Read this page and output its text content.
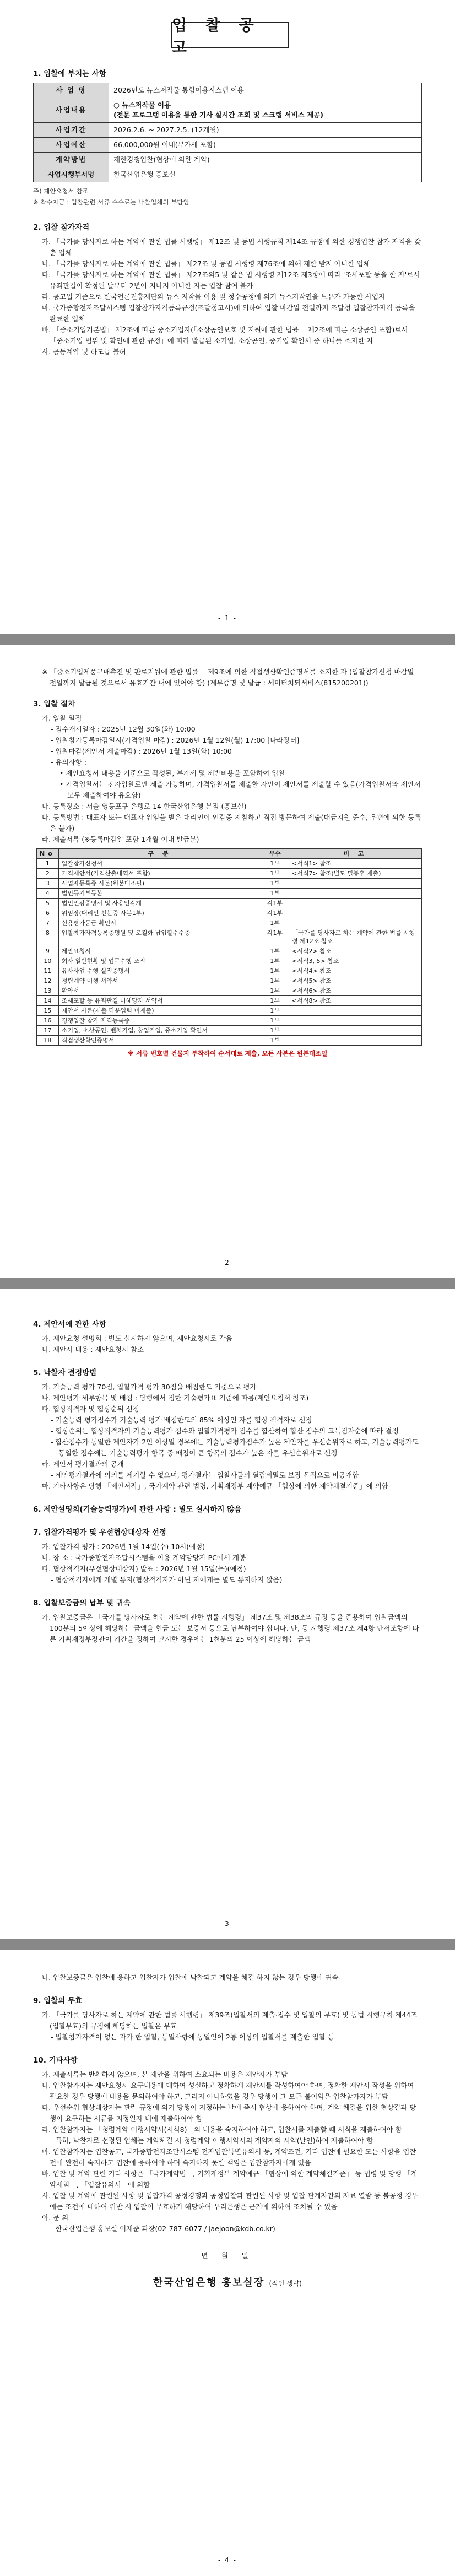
입 찰 공 고
1. 입찰에 부치는 사항
사 업 명	2026년도 뉴스저작물 통합이용시스템 이용
사업내용	○ 뉴스저작물 이용
(전문 프로그램 이용을 통한 기사 실시간 조회 및 스크랩 서비스 제공)
사업기간	2026.2.6. ~ 2027.2.5. (12개월)
사업예산	66,000,000원 이내(부가세 포함)
계약방법	제한경쟁입찰(협상에 의한 계약)
사업시행부서명	한국산업은행 홍보실
주) 제안요청서 참조
※ 착수자금 : 입찰관련 서류 수수료는 낙찰업체의 부담임
2. 입찰 참가자격
가. 「국가를 당사자로 하는 계약에 관한 법률 시행령」 제12조 및 동법 시행규칙 제14조 규정에 의한 경쟁입찰 참가 자격을 갖춘 업체
나. 「국가를 당사자로 하는 계약에 관한 법률」 제27조 및 동법 시행령 제76조에 의해 제한 받지 아니한 업체
다. 「국가를 당사자로 하는 계약에 관한 법률」 제27조의5 및 같은 법 시행령 제12조 제3항에 따라 '조세포탈 등을 한 자'로서 유죄판결이 확정된 날부터 2년이 지나지 아니한 자는 입찰 참여 불가
라. 공고일 기준으로 한국언론진흥재단의 뉴스 저작물 이용 및 정수공정에 의거 뉴스저작권을 보유가 가능한 사업자
마. 국가종합전자조달시스템 입찰참가자격등록규정(조달청고시)에 의하여 입찰 마감일 전일까지 조달청 입찰참가자격 등록을 완료한 업체
바. 「중소기업기본법」 제2조에 따른 중소기업자(「소상공인보호 및 지원에 관한 법률」 제2조에 따른 소상공인 포함)로서 「중소기업 범위 및 확인에 관한 규정」에 따라 발급된 소기업, 소상공인, 중기업 확인서 중 하나를 소지한 자
사. 공동계약 및 하도급 불허
- 1 -
※ 「중소기업제품구매촉진 및 판로지원에 관한 법률」 제9조에 의한 직접생산확인증명서를 소지한 자 (입찰참가신청 마감일 전일까지 발급된 것으로서 유효기간 내에 있어야 함) (제부증명 및 발급 : 세미터치되서비스(815200201))
3. 입찰 절차
가. 입찰 일정
- 접수개시일자 : 2025년 12월 30일(화) 10:00
- 입찰참가등록마감일시(가격입찰 마감) : 2026년 1월 12일(월) 17:00 [나라장터]
- 입찰마감(제안서 제출마감) : 2026년 1월 13일(화) 10:00
- 유의사항 :
• 제안요청서 내용을 기준으로 작성된, 부가세 및 제반비용을 포함하여 입찰
• 가격입찰서는 전자입찰로만 제출 가능하며, 가격입찰서를 제출한 자만이 제안서를 제출할 수 있음(가격입찰서와 제안서 모두 제출하여야 유효함)
나. 등록장소 : 서울 영등포구 은행로 14 한국산업은행 본점 (홍보실)
다. 등록방법 : 대표자 또는 대표자 위임을 받은 대리인이 인감증 지참하고 직접 방문하여 제출(대금지원 준수, 우편에 의한 등록은 불가)
라. 제출서류 (※등록마감일 포함 1개월 이내 발급분)
No	구 분	부수	비 고
1	입찰참가신청서	1부	<서식1> 참조
2	가격제안서(가격산출내역서 포함)	1부	<서식7> 참조(별도 밀봉후 제출)
3	사업자등록증 사본(원본대조필)	1부	
4	법인등기부등본	1부	
5	법인인감증명서 및 사용인감계	각1부	
6	위임장(대리인 선분증 사본1부)	각1부	
7	신용평가등급 확인서	1부	
8	입찰참가자격등록증명원 및 로컬화 납입할수수증	각1부	「국가를 당사자로 하는 계약에 관한 법률 시행령 제12조 참조
9	제안요청서	1부	<서식2> 참조
10	회사 일반현황 및 업무수행 조직	1부	<서식3, 5> 참조
11	유사사업 수행 실적증명서	1부	<서식4> 참조
12	청렴계약 이행 서약서	1부	<서식5> 참조
13	확약서	1부	<서식6> 참조
14	조세포탈 등 유죄판결 미해당자 서약서	1부	<서식8> 참조
15	제안서 사본(제출 다운입력 미제출)	1부	
16	경쟁입찰 참가 자격등록증	1부	
17	소기업, 소상공인, 벤처기업, 창업기업, 중소기업 확인서	1부	
18	직접생산확인증명서	1부	
※ 서류 번호별 건물지 부착하여 순서대로 제출, 모든 사본은 원본대조필
- 2 -
4. 제안서에 관한 사항
가. 제안요청 설명회 : 별도 실시하지 않으며, 제안요청서로 갈음
나. 제안서 내용 : 제안요청서 참조
5. 낙찰자 결정방법
가. 기술능력 평가 70점, 입찰가격 평가 30점을 배점한도 기준으로 평가
나. 제안평가 세부항목 및 배점 : 당행에서 정한 기술평가표 기준에 따름(제안요청서 참조)
다. 협상적격자 및 협상순위 선정
- 기술능력 평가점수가 기술능력 평가 배점한도의 85% 이상인 자를 협상 적격자로 선정
- 협상순위는 협상적격자의 기술능력평가 점수와 입찰가격평가 점수를 합산하여 합산 점수의 고득점자순에 따라 결정
- 합산점수가 동일한 제안자가 2인 이상일 경우에는 기술능력평가점수가 높은 제안자를 우선순위자로 하고, 기술능력평가도 동일한 점수에는 기술능력평가 항목 중 배점이 큰 항목의 점수가 높은 자를 우선순위자로 선정
라. 제안서 평가결과의 공개
- 제안평가결과에 의의를 제기할 수 없으며, 평가결과는 입찰사들의 열람비밀로 보장 목적으로 비공개함
마. 기타사항은 당행 「제안서작」, 국가계약 관련 법령, 기획재정부 계약예규 「협상에 의한 계약체결기준」에 의함
6. 제안설명회(기술능력평가)에 관한 사항 : 별도 실시하지 않음
7. 입찰가격평가 및 우선협상대상자 선정
가. 입찰가격 평가 : 2026년 1월 14일(수) 10시(예정)
나. 장 소 : 국가종합전자조달시스템을 이용 계약담당자 PC에서 개봉
다. 협상적격자(우선협상대상자) 발표 : 2026년 1월 15일(목)(예정)
- 협상적격자에게 개별 통지(협상적격자가 아닌 자에게는 별도 통지하지 않음)
8. 입찰보증금의 납부 및 귀속
가. 입찰보증금은 「국가를 당사자로 하는 계약에 관한 법률 시행령」 제37조 및 제38조의 규정 등을 준용하여 입찰금액의 100분의 5이상에 해당하는 금액을 현금 또는 보증서 등으로 납부하여야 합니다. 단, 동 시행령 제37조 제4항 단서조항에 따른 기획재정부장관이 기간을 정하여 고시한 경우에는 1천분의 25 이상에 해당하는 금액
- 3 -
나. 입찰보증금은 입찰에 응하고 입찰자가 입찰에 낙찰되고 계약을 체결 하지 않는 경우 당행에 귀속
9. 입찰의 무효
가. 「국가를 당사자로 하는 계약에 관한 법률 시행령」 제39조(입찰서의 제출·접수 및 입찰의 무효) 및 동법 시행규칙 제44조(입찰무효)의 규정에 해당하는 입찰은 무효
- 입찰참가자격이 없는 자가 한 입찰, 동일사항에 동일인이 2통 이상의 입찰서를 제출한 입찰 등
10. 기타사항
가. 제출서류는 반환하지 않으며, 본 제안을 위하여 소요되는 비용은 제안자가 부담
나. 입찰참가자는 제안요청서 요구내용에 대하여 성실하고 정확하게 제안서를 작성하여야 하며, 정확한 제안서 작성을 위하여 필요한 경우 당행에 내용을 문의하여야 하고, 그러지 아니하였을 경우 당행이 그 모든 불이익은 입찰참가자가 부담
다. 우선순위 협상대상자는 관련 규정에 의거 당행이 지정하는 날에 즉시 협상에 응하여야 하며, 계약 체결을 위한 협상결과 당행이 요구하는 서류를 지정일자 내에 제출하여야 함
라. 입찰참가자는 「청렴계약 이행서약서(서식8)」의 내용을 숙지하여야 하고, 입찰서를 제출할 때 서식을 제출하여야 함
- 특히, 낙찰자로 선정된 업체는 계약체결 시 청렴계약 이행서약서의 계약자의 서약(날인)하여 제출하여야 함
마. 입찰참가자는 입찰공고, 국가종합전자조달시스템 전자입찰특별유의서 등, 계약조건, 기타 입찰에 필요한 모든 사항을 입찰 전에 완전히 숙지하고 입찰에 응하여야 하며 숙지하지 못한 책임은 입찰참가자에게 있음
바. 입찰 및 계약 관련 기타 사항은 「국가계약법」, 기획재정부 계약예규 「협상에 의한 계약체결기준」 등 법령 및 당행 「계약세칙」, 「입찰유의서」에 의함
사. 입찰 및 계약에 관련된 사항 및 입찰가격 공정경쟁과 공정입찰과 관련된 사항 및 입찰 관계자간의 자료 열람 등 불공정 경우에는 조건에 대하여 위반 시 입찰이 무효하기 해당하여 우리은행은 근거에 의하여 조치될 수 있음
아. 문 의
- 한국산업은행 홍보실 이재준 과장(02-787-6077 / jaejoon@kdb.co.kr)
년 월 일
한국산업은행 홍보실장 (직인 생략)
- 4 -
